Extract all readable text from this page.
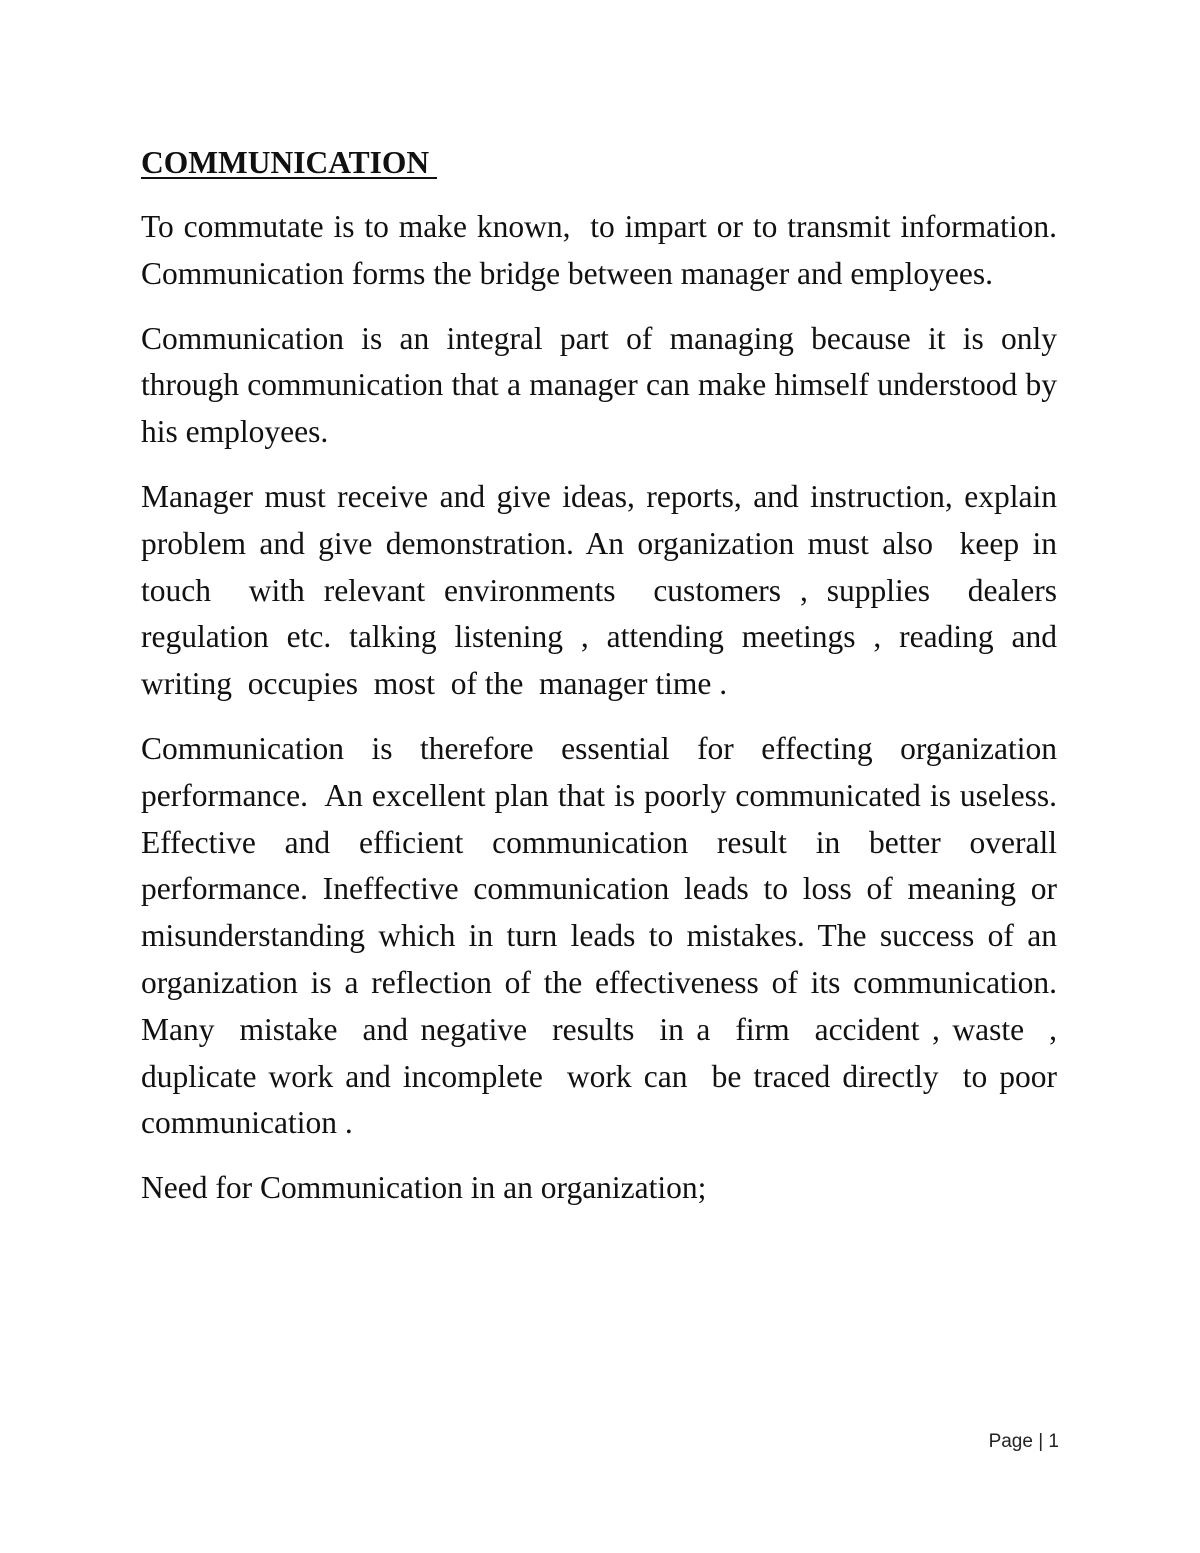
COMMUNICATION

To commutate is to make known,  to impart or to transmit information. Communication forms the bridge between manager and employees.

Communication is an integral part of managing because it is only through communication that a manager can make himself understood by his employees.

Manager must receive and give ideas, reports, and instruction, explain problem and give demonstration. An organization must also  keep in touch  with relevant environments  customers , supplies  dealers regulation etc. talking listening , attending meetings , reading and writing  occupies  most  of the  manager time .

Communication is therefore essential for effecting organization performance.  An excellent plan that is poorly communicated is useless. Effective and efficient communication result in better overall performance. Ineffective communication leads to loss of meaning or misunderstanding which in turn leads to mistakes. The success of an organization is a reflection of the effectiveness of its communication. Many  mistake  and negative  results  in a  firm  accident , waste  , duplicate work and incomplete  work can  be traced directly  to poor communication .

Need for Communication in an organization;

Page | 1
